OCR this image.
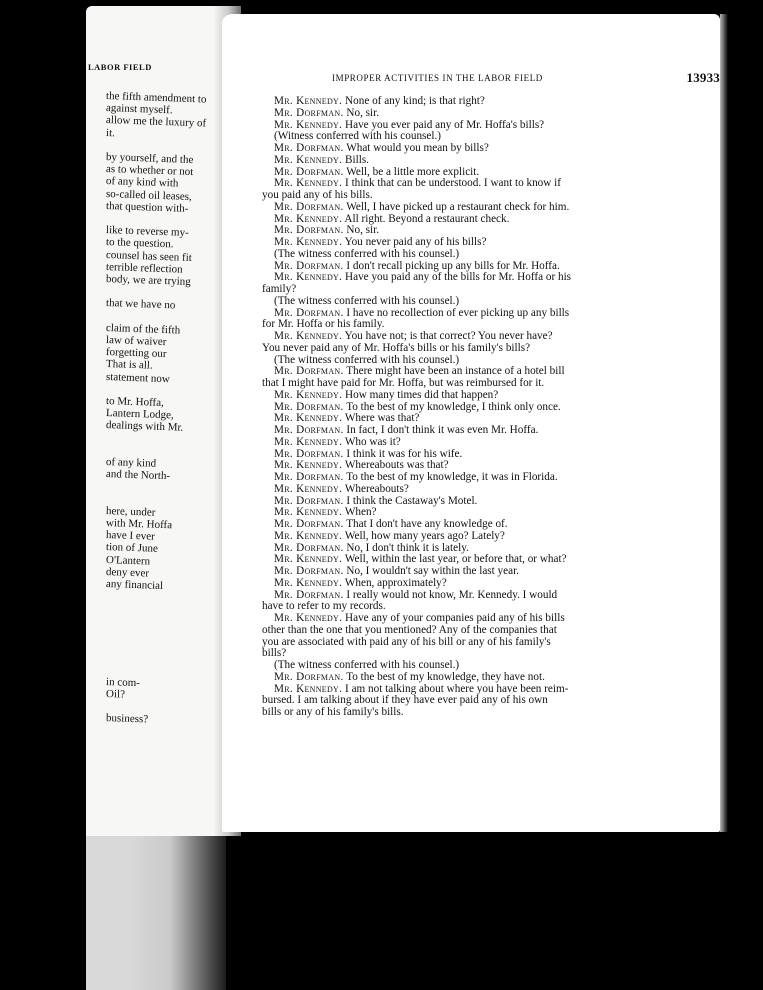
LABOR FIELD
the fifth amendment to
against myself.
allow me the luxury of
it.
by yourself, and the
as to whether or not
of any kind with
so-called oil leases,
that question with-
like to reverse my-
to the question.
counsel has seen fit
terrible reflection
body, we are trying
that we have no
claim of the fifth
law of waiver
forgetting our
That is all.
statement now
to Mr. Hoffa,
Lantern Lodge,
dealings with Mr.
of any kind
and the North-
here, under
with Mr. Hoffa
have I ever
tion of June
O'Lantern
deny ever
any financial
in com-
Oil?
business?
IMPROPER ACTIVITIES IN THE LABOR FIELD	13933
Mr. Kennedy. None of any kind; is that right?
Mr. Dorfman. No, sir.
Mr. Kennedy. Have you ever paid any of Mr. Hoffa's bills?
(Witness conferred with his counsel.)
Mr. Dorfman. What would you mean by bills?
Mr. Kennedy. Bills.
Mr. Dorfman. Well, be a little more explicit.
Mr. Kennedy. I think that can be understood. I want to know if
you paid any of his bills.
Mr. Dorfman. Well, I have picked up a restaurant check for him.
Mr. Kennedy. All right. Beyond a restaurant check.
Mr. Dorfman. No, sir.
Mr. Kennedy. You never paid any of his bills?
(The witness conferred with his counsel.)
Mr. Dorfman. I don't recall picking up any bills for Mr. Hoffa.
Mr. Kennedy. Have you paid any of the bills for Mr. Hoffa or his
family?
(The witness conferred with his counsel.)
Mr. Dorfman. I have no recollection of ever picking up any bills
for Mr. Hoffa or his family.
Mr. Kennedy. You have not; is that correct? You never have?
You never paid any of Mr. Hoffa's bills or his family's bills?
(The witness conferred with his counsel.)
Mr. Dorfman. There might have been an instance of a hotel bill
that I might have paid for Mr. Hoffa, but was reimbursed for it.
Mr. Kennedy. How many times did that happen?
Mr. Dorfman. To the best of my knowledge, I think only once.
Mr. Kennedy. Where was that?
Mr. Dorfman. In fact, I don't think it was even Mr. Hoffa.
Mr. Kennedy. Who was it?
Mr. Dorfman. I think it was for his wife.
Mr. Kennedy. Whereabouts was that?
Mr. Dorfman. To the best of my knowledge, it was in Florida.
Mr. Kennedy. Whereabouts?
Mr. Dorfman. I think the Castaway's Motel.
Mr. Kennedy. When?
Mr. Dorfman. That I don't have any knowledge of.
Mr. Kennedy. Well, how many years ago? Lately?
Mr. Dorfman. No, I don't think it is lately.
Mr. Kennedy. Well, within the last year, or before that, or what?
Mr. Dorfman. No, I wouldn't say within the last year.
Mr. Kennedy. When, approximately?
Mr. Dorfman. I really would not know, Mr. Kennedy. I would
have to refer to my records.
Mr. Kennedy. Have any of your companies paid any of his bills
other than the one that you mentioned? Any of the companies that
you are associated with paid any of his bill or any of his family's
bills?
(The witness conferred with his counsel.)
Mr. Dorfman. To the best of my knowledge, they have not.
Mr. Kennedy. I am not talking about where you have been reim-
bursed. I am talking about if they have ever paid any of his own
bills or any of his family's bills.
